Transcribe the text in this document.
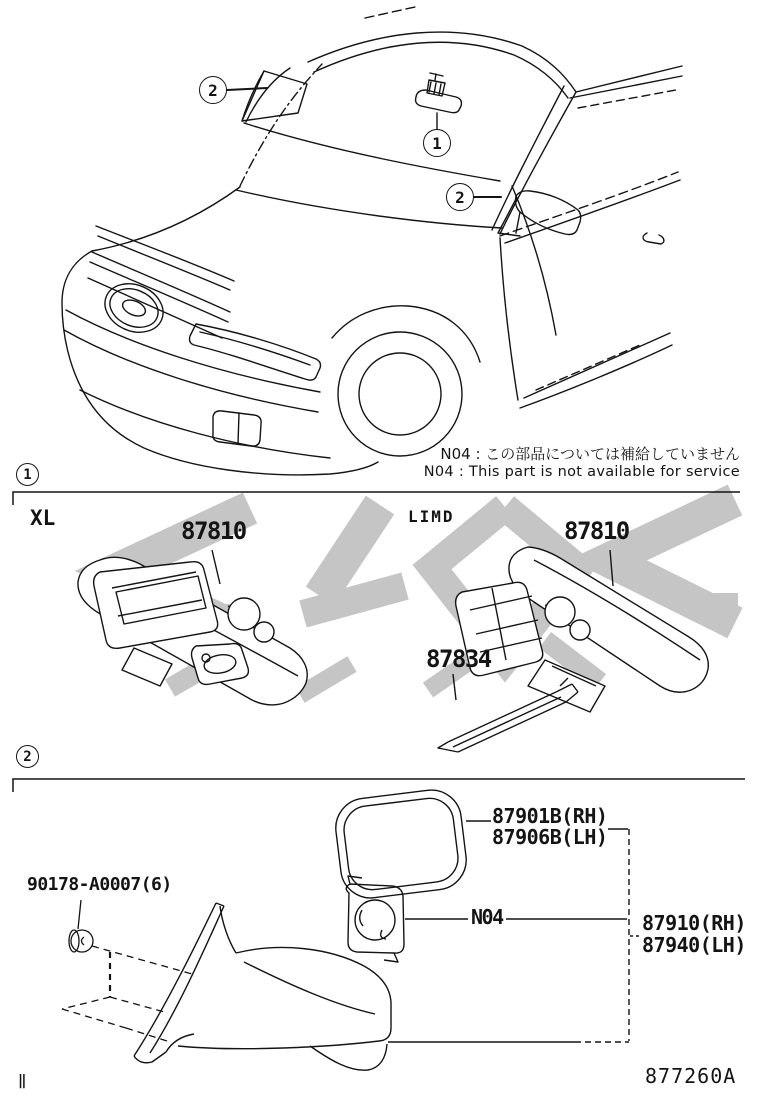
2
1
2
N04 : この部品については補給していません
N04 : This part is not available for service
1
XL	LIMD
87810	87810
87834
2
90178-A0007(6)
87901B(RH)
87906B(LH)
N04	87910(RH)
87940(LH)
877260A
‖
